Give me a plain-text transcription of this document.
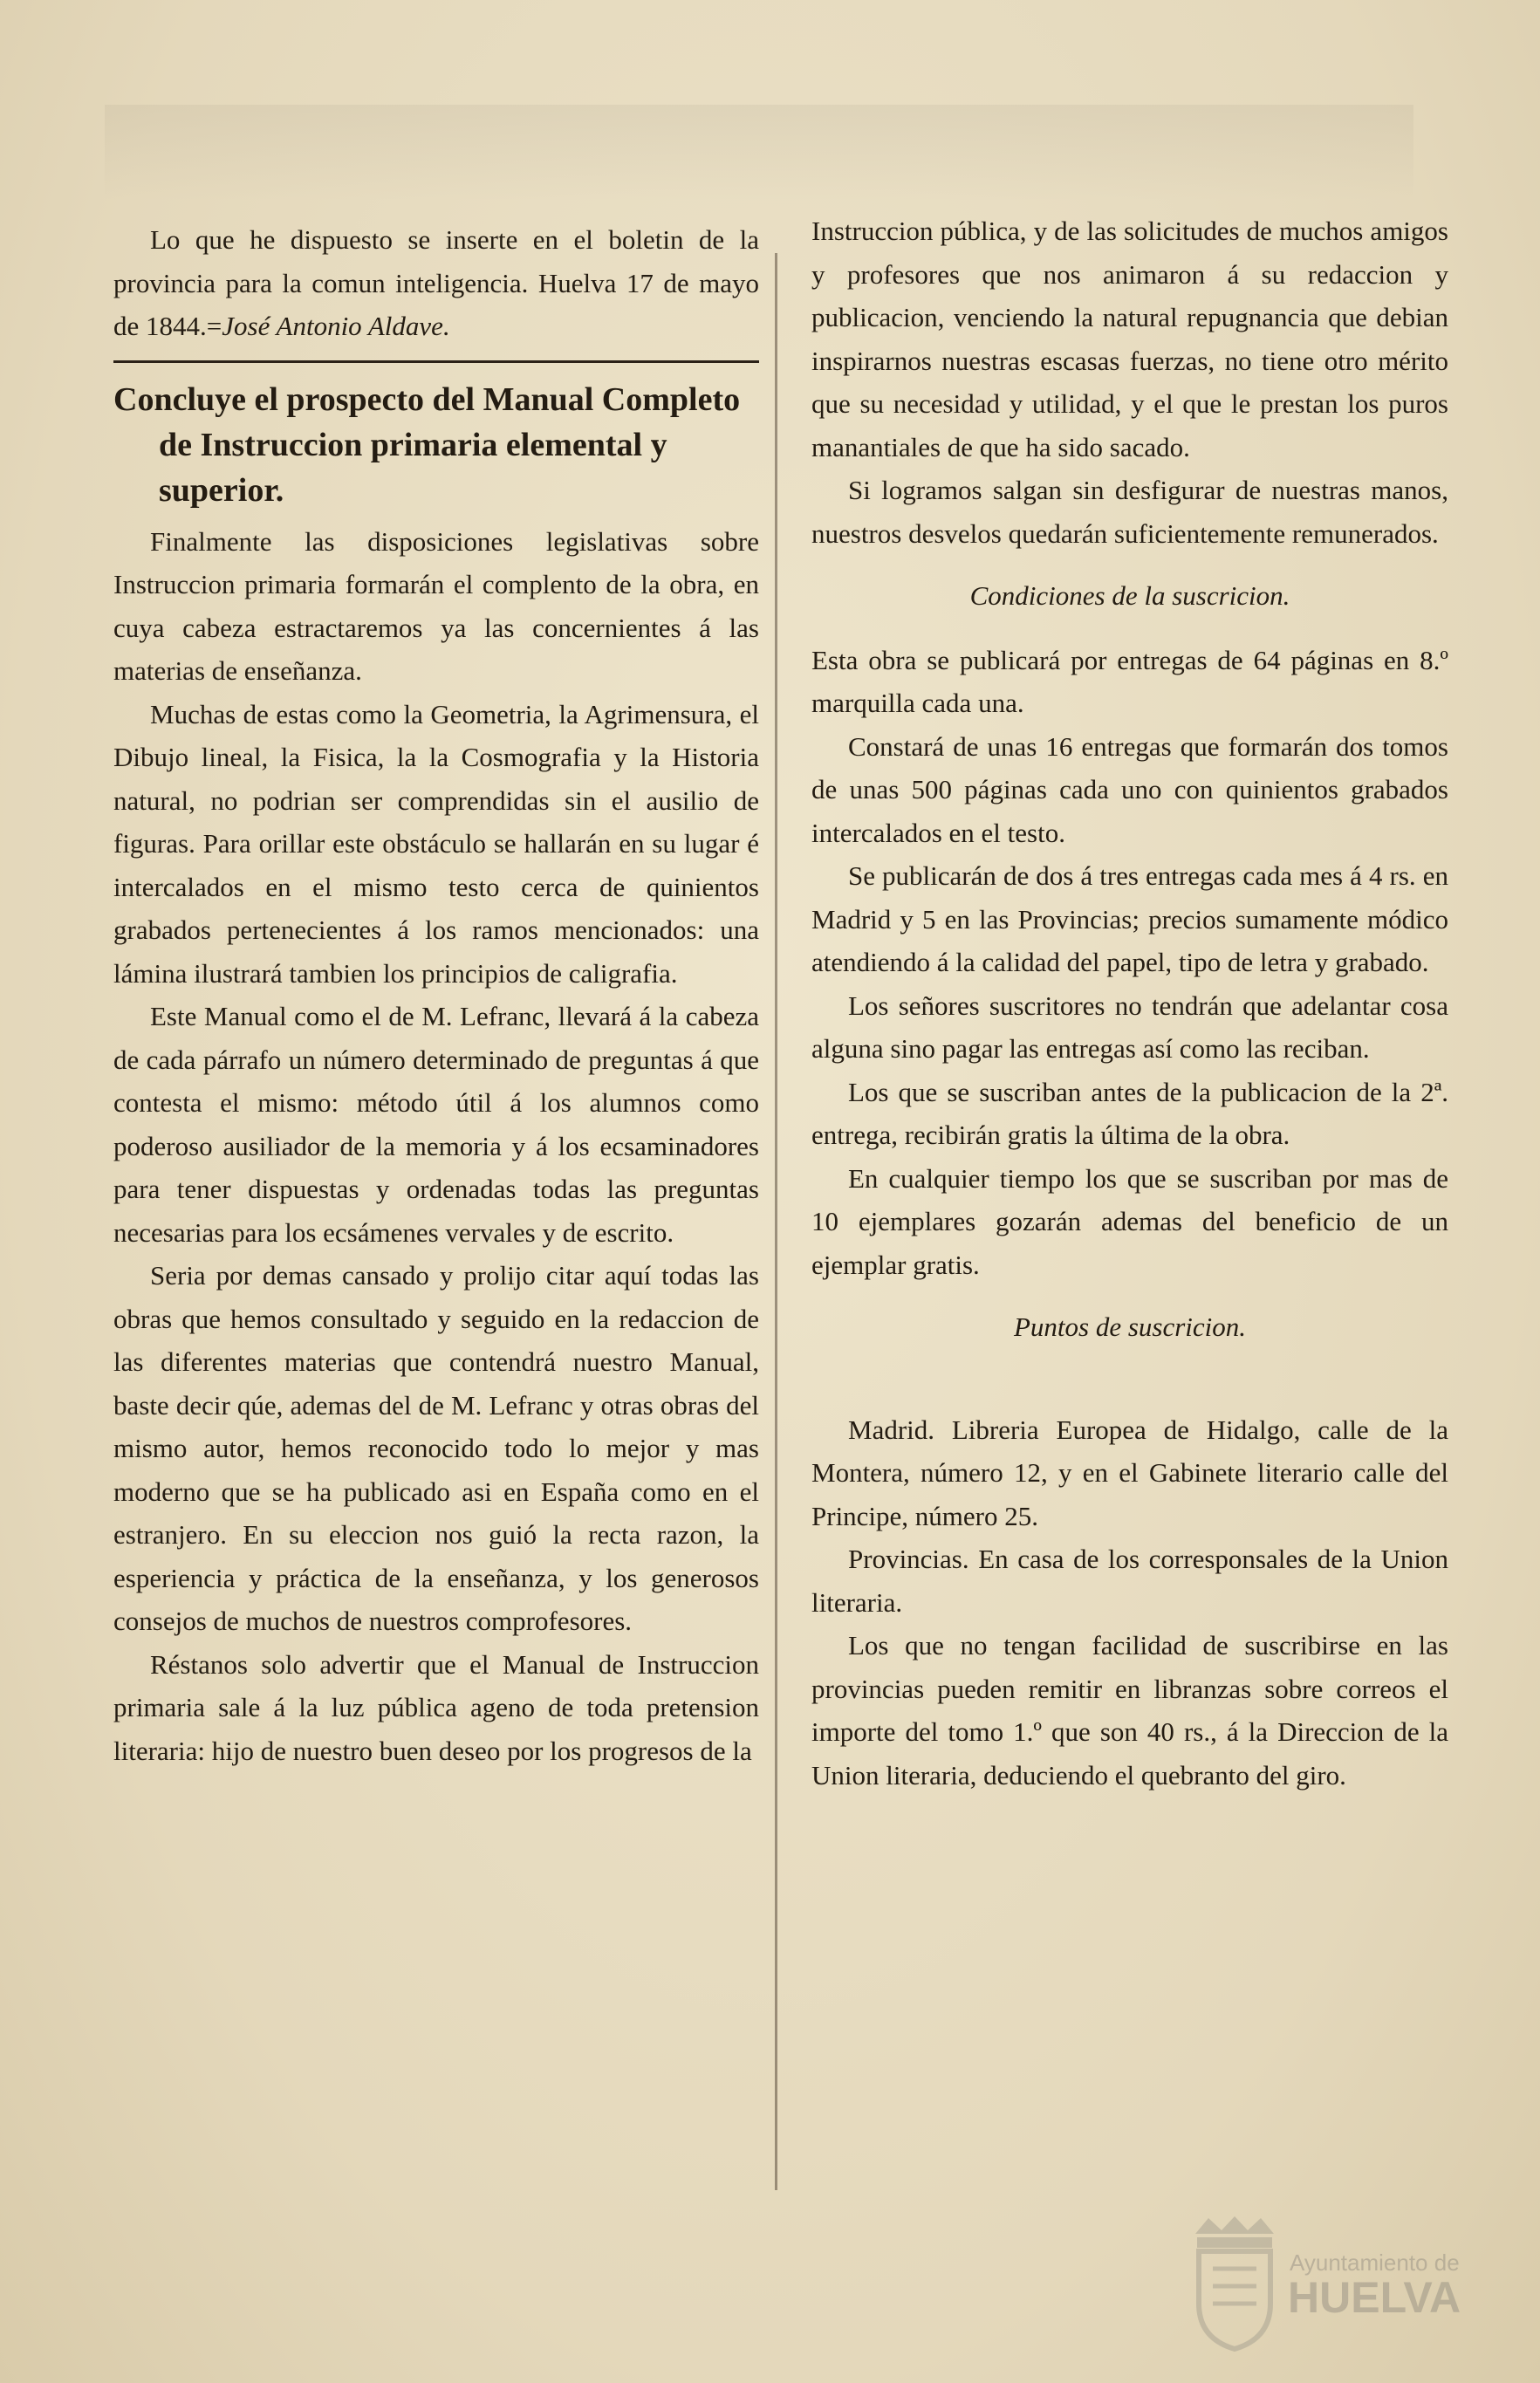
Lo que he dispuesto se inserte en el boletin de la provincia para la comun inteligencia. Huelva 17 de mayo de 1844.=José Antonio Aldave.

Concluye el prospecto del Manual Completo de Instruccion primaria elemental y superior.

Finalmente las disposiciones legislativas sobre Instruccion primaria formarán el complento de la obra, en cuya cabeza estractaremos ya las concernientes á las materias de enseñanza.

Muchas de estas como la Geometria, la Agrimensura, el Dibujo lineal, la Fisica, la la Cosmografia y la Historia natural, no podrian ser comprendidas sin el ausilio de figuras. Para orillar este obstáculo se hallarán en su lugar é intercalados en el mismo testo cerca de quinientos grabados pertenecientes á los ramos mencionados: una lámina ilustrará tambien los principios de caligrafia.

Este Manual como el de M. Lefranc, llevará á la cabeza de cada párrafo un número determinado de preguntas á que contesta el mismo: método útil á los alumnos como poderoso ausiliador de la memoria y á los ecsaminadores para tener dispuestas y ordenadas todas las preguntas necesarias para los ecsámenes vervales y de escrito.

Seria por demas cansado y prolijo citar aquí todas las obras que hemos consultado y seguido en la redaccion de las diferentes materias que contendrá nuestro Manual, baste decir qúe, ademas del de M. Lefranc y otras obras del mismo autor, hemos reconocido todo lo mejor y mas moderno que se ha publicado asi en España como en el estranjero. En su eleccion nos guió la recta razon, la esperiencia y práctica de la enseñanza, y los generosos consejos de muchos de nuestros comprofesores.

Réstanos solo advertir que el Manual de Instruccion primaria sale á la luz pública ageno de toda pretension literaria: hijo de nuestro buen deseo por los progresos de la

Instruccion pública, y de las solicitudes de muchos amigos y profesores que nos animaron á su redaccion y publicacion, venciendo la natural repugnancia que debian inspirarnos nuestras escasas fuerzas, no tiene otro mérito que su necesidad y utilidad, y el que le prestan los puros manantiales de que ha sido sacado.

Si logramos salgan sin desfigurar de nuestras manos, nuestros desvelos quedarán suficientemente remunerados.

Condiciones de la suscricion.

Esta obra se publicará por entregas de 64 páginas en 8.º marquilla cada una.

Constará de unas 16 entregas que formarán dos tomos de unas 500 páginas cada uno con quinientos grabados intercalados en el testo.

Se publicarán de dos á tres entregas cada mes á 4 rs. en Madrid y 5 en las Provincias; precios sumamente módico atendiendo á la calidad del papel, tipo de letra y grabado.

Los señores suscritores no tendrán que adelantar cosa alguna sino pagar las entregas así como las reciban.

Los que se suscriban antes de la publicacion de la 2ª. entrega, recibirán gratis la última de la obra.

En cualquier tiempo los que se suscriban por mas de 10 ejemplares gozarán ademas del beneficio de un ejemplar gratis.

Puntos de suscricion.

Madrid. Libreria Europea de Hidalgo, calle de la Montera, número 12, y en el Gabinete literario calle del Principe, número 25.

Provincias. En casa de los corresponsales de la Union literaria.

Los que no tengan facilidad de suscribirse en las provincias pueden remitir en libranzas sobre correos el importe del tomo 1.º que son 40 rs., á la Direccion de la Union literaria, deduciendo el quebranto del giro.

Ayuntamiento de
HUELVA
